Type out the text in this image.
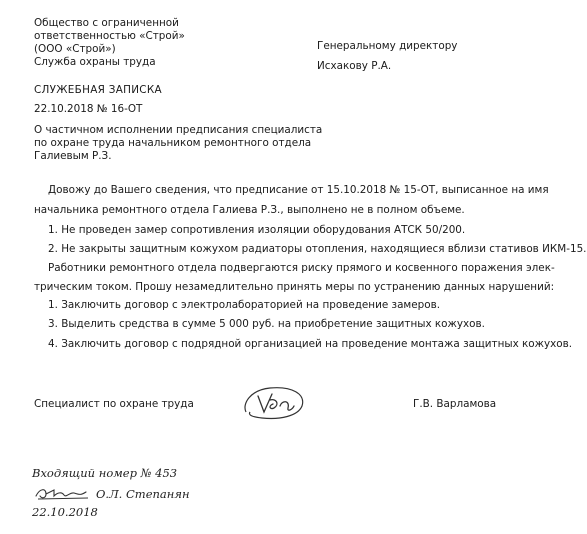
Общество с ограниченной
ответственностью «Строй»
(ООО «Строй»)
Служба охраны труда
Генеральному директору
Исхакову Р.А.
СЛУЖЕБНАЯ ЗАПИСКА
22.10.2018 № 16-ОТ
О частичном исполнении предписания специалиста
по охране труда начальником ремонтного отдела
Галиевым Р.З.
Довожу до Вашего сведения, что предписание от 15.10.2018 № 15-ОТ, выписанное на имя
начальника ремонтного отдела Галиева Р.З., выполнено не в полном объеме.
1. Не проведен замер сопротивления изоляции оборудования АТСК 50/200.
2. Не закрыты защитным кожухом радиаторы отопления, находящиеся вблизи стативов ИКМ-15.
Работники ремонтного отдела подвергаются риску прямого и косвенного поражения элек-
трическим током. Прошу незамедлительно принять меры по устранению данных нарушений:
1. Заключить договор с электролабораторией на проведение замеров.
3. Выделить средства в сумме 5 000 руб. на приобретение защитных кожухов.
4. Заключить договор с подрядной организацией на проведение монтажа защитных кожухов.
Специалист по охране труда	Г.В. Варламова
Входящий номер № 453
О.Л. Степанян
22.10.2018
